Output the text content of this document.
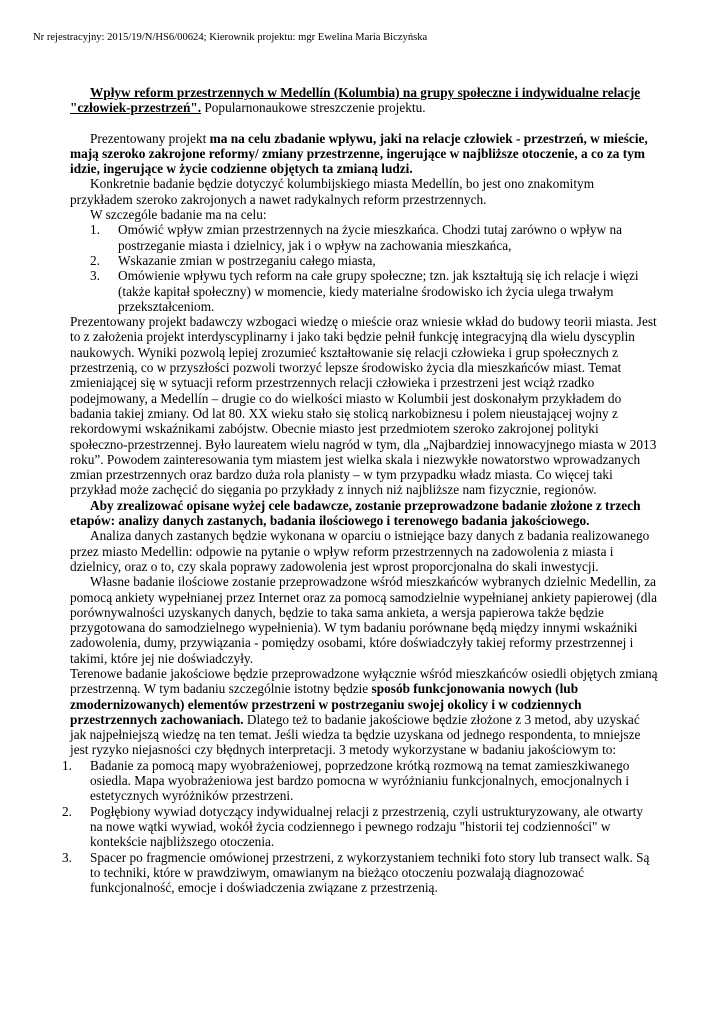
Nr rejestracyjny: 2015/19/N/HS6/00624; Kierownik projektu: mgr Ewelina Maria Biczyńska

Wpływ reform przestrzennych w Medellín (Kolumbia) na grupy społeczne i indywidualne relacje "człowiek-przestrzeń". Popularnonaukowe streszczenie projektu.

Prezentowany projekt ma na celu zbadanie wpływu, jaki na relacje człowiek - przestrzeń, w mieście, mają szeroko zakrojone reformy/ zmiany przestrzenne, ingerujące w najbliższe otoczenie, a co za tym idzie, ingerujące w życie codzienne objętych ta zmianą ludzi.

Konkretnie badanie będzie dotyczyć kolumbijskiego miasta Medellín, bo jest ono znakomitym przykładem szeroko zakrojonych a nawet radykalnych reform przestrzennych.

W szczególe badanie ma na celu:

1.	Omówić wpływ zmian przestrzennych na życie mieszkańca. Chodzi tutaj zarówno o wpływ na postrzeganie miasta i dzielnicy, jak i o wpływ na zachowania mieszkańca,
2.	Wskazanie zmian w postrzeganiu całego miasta,
3.	Omówienie wpływu tych reform na całe grupy społeczne; tzn. jak kształtują się ich relacje i więzi (także kapitał społeczny) w momencie, kiedy materialne środowisko ich życia ulega trwałym przekształceniom.

Prezentowany projekt badawczy wzbogaci wiedzę o mieście oraz wniesie wkład do budowy teorii miasta. Jest to z założenia projekt interdyscyplinarny i jako taki będzie pełnił funkcję integracyjną dla wielu dyscyplin naukowych. Wyniki pozwolą lepiej zrozumieć kształtowanie się relacji człowieka i grup społecznych z przestrzenią, co w przyszłości pozwoli tworzyć lepsze środowisko życia dla mieszkańców miast. Temat zmieniającej się w sytuacji reform przestrzennych relacji człowieka i przestrzeni jest wciąż rzadko podejmowany, a Medellín – drugie co do wielkości miasto w Kolumbii jest doskonałym przykładem do badania takiej zmiany. Od lat 80. XX wieku stało się stolicą narkobiznesu i polem nieustającej wojny z rekordowymi wskaźnikami zabójstw. Obecnie miasto jest przedmiotem szeroko zakrojonej polityki społeczno-przestrzennej. Było laureatem wielu nagród w tym, dla „Najbardziej innowacyjnego miasta w 2013 roku”. Powodem zainteresowania tym miastem jest wielka skala i niezwykłe nowatorstwo wprowadzanych zmian przestrzennych oraz bardzo duża rola planisty – w tym przypadku władz miasta. Co więcej taki przykład może zachęcić do sięgania po przykłady z innych niż najbliższe nam fizycznie, regionów.

Aby zrealizować opisane wyżej cele badawcze, zostanie przeprowadzone badanie złożone z trzech etapów: analizy danych zastanych, badania ilościowego i terenowego badania jakościowego.

Analiza danych zastanych będzie wykonana w oparciu o istniejące bazy danych z badania realizowanego przez miasto Medellin: odpowie na pytanie o wpływ reform przestrzennych na zadowolenia z miasta i dzielnicy, oraz o to, czy skala poprawy zadowolenia jest wprost proporcjonalna do skali inwestycji.

Własne badanie ilościowe zostanie przeprowadzone wśród mieszkańców wybranych dzielnic Medellin, za pomocą ankiety wypełnianej przez Internet oraz za pomocą samodzielnie wypełnianej ankiety papierowej (dla porównywalności uzyskanych danych, będzie to taka sama ankieta, a wersja papierowa także będzie przygotowana do samodzielnego wypełnienia). W tym badaniu porównane będą między innymi wskaźniki zadowolenia, dumy, przywiązania - pomiędzy osobami, które doświadczyły takiej reformy przestrzennej i takimi, które jej nie doświadczyły.

Terenowe badanie jakościowe będzie przeprowadzone wyłącznie wśród mieszkańców osiedli objętych zmianą przestrzenną. W tym badaniu szczególnie istotny będzie sposób funkcjonowania nowych (lub zmodernizowanych) elementów przestrzeni w postrzeganiu swojej okolicy i w codziennych przestrzennych zachowaniach. Dlatego też to badanie jakościowe będzie złożone z 3 metod, aby uzyskać jak najpełniejszą wiedzę na ten temat. Jeśli wiedza ta będzie uzyskana od jednego respondenta, to mniejsze jest ryzyko niejasności czy błędnych interpretacji. 3 metody wykorzystane w badaniu jakościowym to:

1.	Badanie za pomocą mapy wyobrażeniowej, poprzedzone krótką rozmową na temat zamieszkiwanego osiedla. Mapa wyobrażeniowa jest bardzo pomocna w wyróżnianiu funkcjonalnych, emocjonalnych i estetycznych wyróżników przestrzeni.
2.	Pogłębiony wywiad dotyczący indywidualnej relacji z przestrzenią, czyli ustrukturyzowany, ale otwarty na nowe wątki wywiad, wokół życia codziennego i pewnego rodzaju "historii tej codzienności" w kontekście najbliższego otoczenia.
3.	Spacer po fragmencie omówionej przestrzeni, z wykorzystaniem techniki foto story lub transect walk. Są to techniki, które w prawdziwym, omawianym na bieżąco otoczeniu pozwalają diagnozować funkcjonalność, emocje i doświadczenia związane z przestrzenią.
